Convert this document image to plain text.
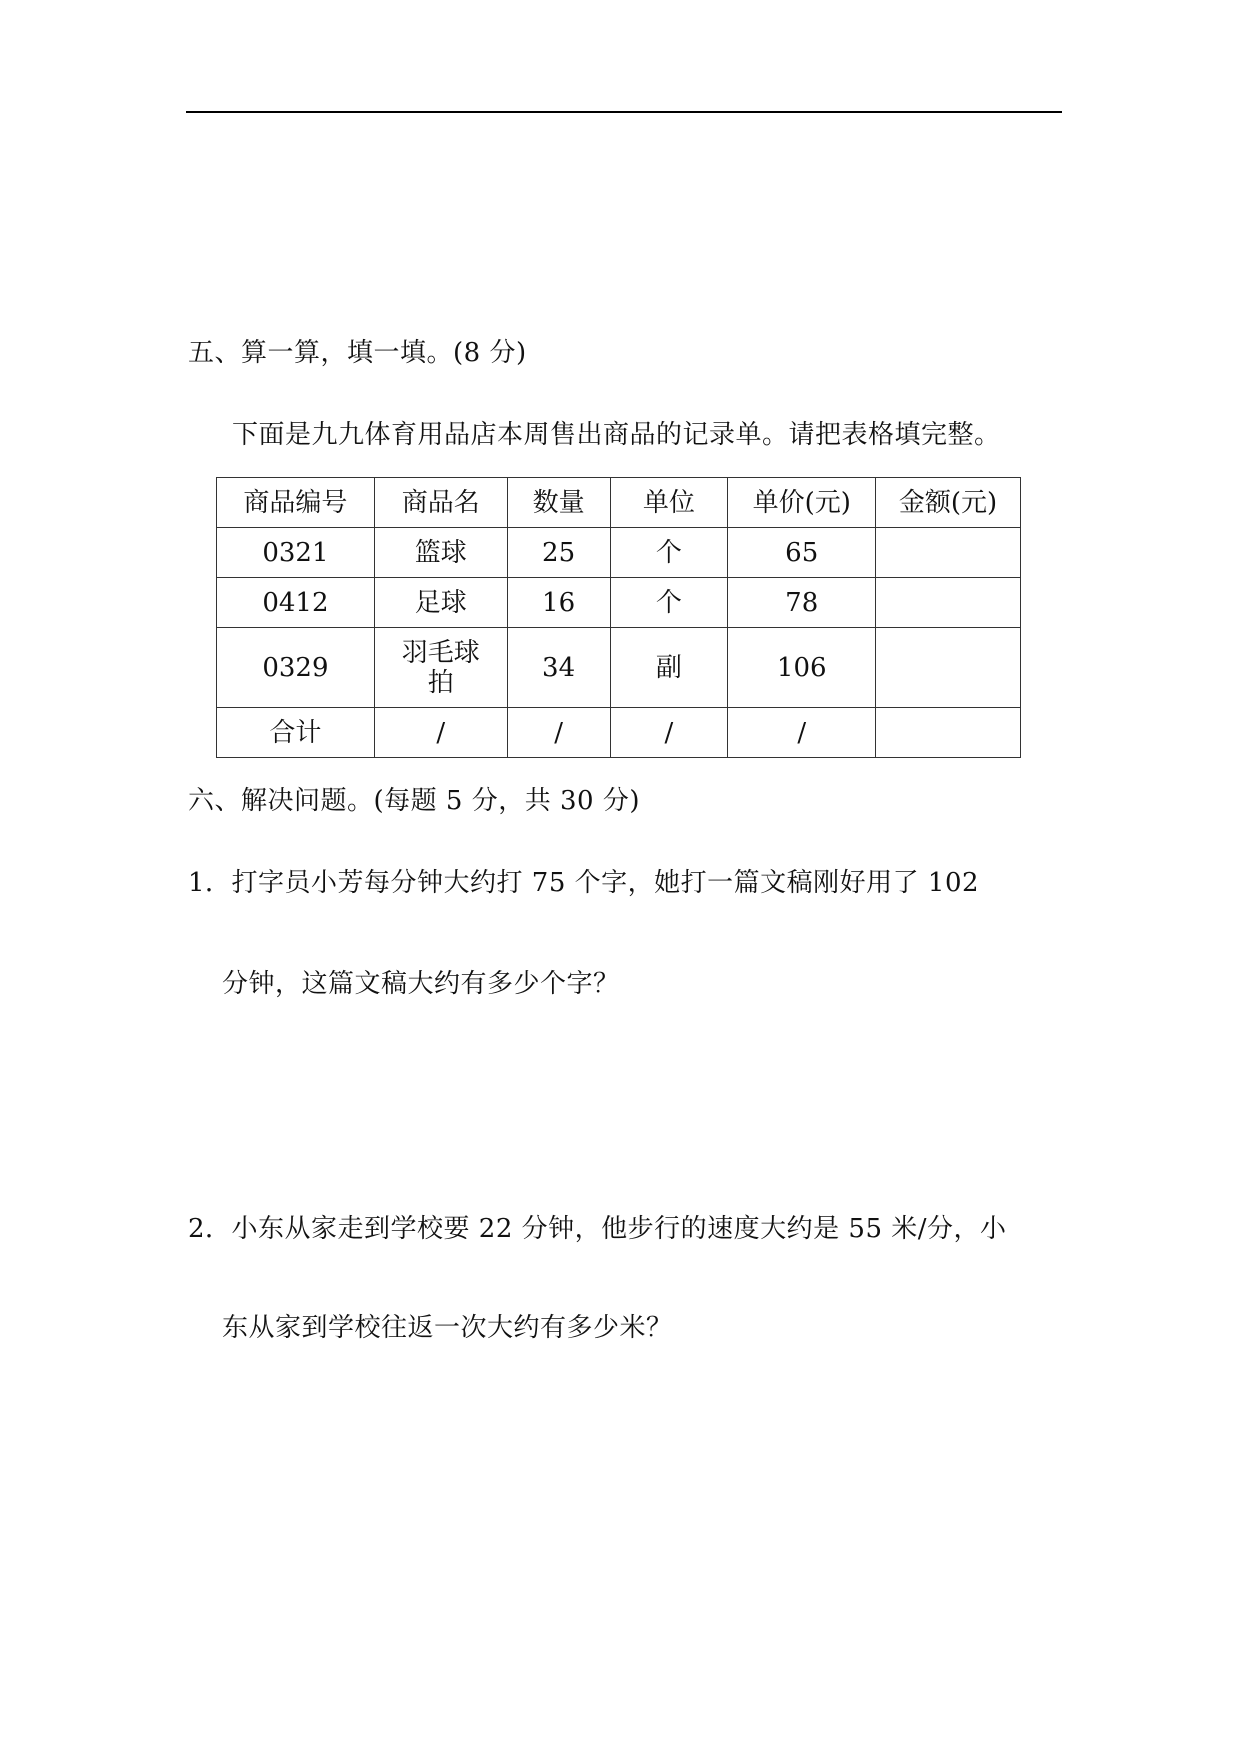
五、算一算，填一填。(8 分)
下面是九九体育用品店本周售出商品的记录单。请把表格填完整。
商品编号	商品名	数量	单位	单价(元)	金额(元)
0321	篮球	25	个	65	
0412	足球	16	个	78	
0329	羽毛球拍	34	副	106	
合计	/	/	/	/	
六、解决问题。(每题 5 分，共 30 分)
1．打字员小芳每分钟大约打 75 个字，她打一篇文稿刚好用了 102
分钟，这篇文稿大约有多少个字？
2．小东从家走到学校要 22 分钟，他步行的速度大约是 55 米/分，小
东从家到学校往返一次大约有多少米？
